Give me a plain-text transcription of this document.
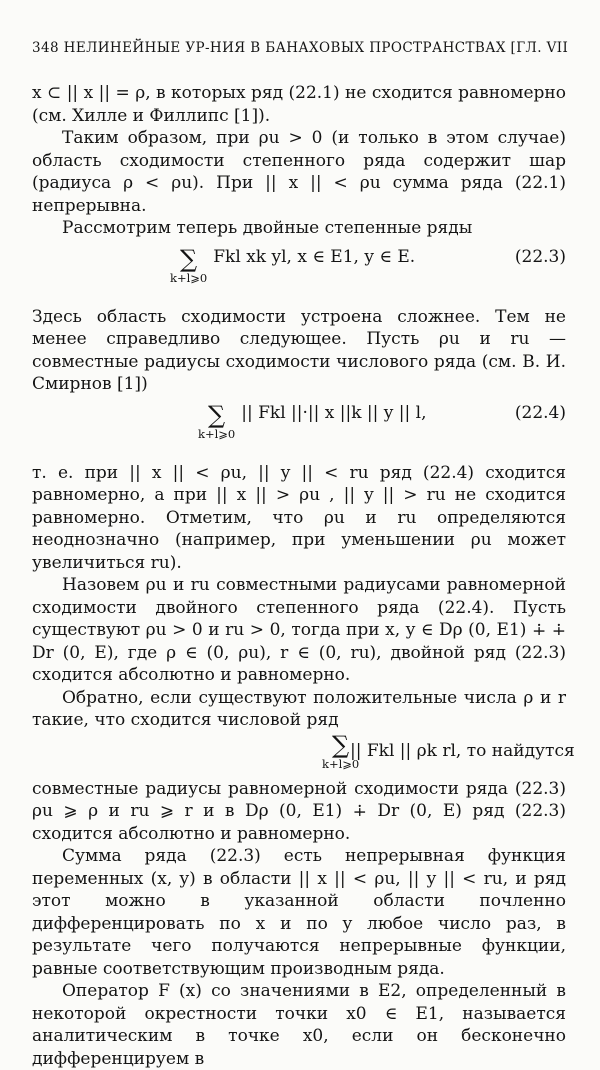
348 НЕЛИНЕЙНЫЕ УР-НИЯ В БАНАХОВЫХ ПРОСТРАНСТВАХ [ГЛ. VII

x ⊂ || x || = ρ, в которых ряд (22.1) не сходится равномерно (см. Хилле и Филлипс [1]).

Таким образом, при ρu > 0 (и только в этом случае) область сходимости степенного ряда содержит шар (радиуса ρ < ρu). При || x || < ρu сумма ряда (22.1) непрерывна.

Рассмотрим теперь двойные степенные ряды

∑
k+l⩾0
Fkl xk yl, x ∈ E1, y ∈ E.	(22.3)

Здесь область сходимости устроена сложнее. Тем не менее справедливо следующее. Пусть ρu и ru — совместные радиусы сходимости числового ряда (см. В. И. Смирнов [1])

∑
k+l⩾0
|| Fkl ||·|| x ||k || y || l,	(22.4)

т. е. при || x || < ρu, || y || < ru ряд (22.4) сходится равномерно, а при || x || > ρu , || y || > ru не сходится равномерно. Отметим, что ρu и ru определяются неоднозначно (например, при уменьшении ρu может увеличиться ru).

Назовем ρu и ru совместными радиусами равномерной сходимости двойного степенного ряда (22.4). Пусть существуют ρu > 0 и ru > 0, тогда при x, y ∈ Dρ (0, E1) ∔ ∔ Dr (0, E), где ρ ∈ (0, ρu), r ∈ (0, ru), двойной ряд (22.3) сходится абсолютно и равномерно.

Обратно, если существуют положительные числа ρ и r такие, что сходится числовой ряд

∑
k+l⩾0
|| Fkl || ρk rl, то найдутся

совместные радиусы равномерной сходимости ряда (22.3) ρu ⩾ ρ и ru ⩾ r и в Dρ (0, E1) ∔ Dr (0, E) ряд (22.3) сходится абсолютно и равномерно.

Сумма ряда (22.3) есть непрерывная функция переменных (x, y) в области || x || < ρu, || y || < ru, и ряд этот можно в указанной области почленно дифференцировать по x и по y любое число раз, в результате чего получаются непрерывные функции, равные соответствующим производным ряда.

Оператор F (x) со значениями в E2, определенный в некоторой окрестности точки x0 ∈ E1, называется аналитическим в точке x0, если он бесконечно дифференцируем в
